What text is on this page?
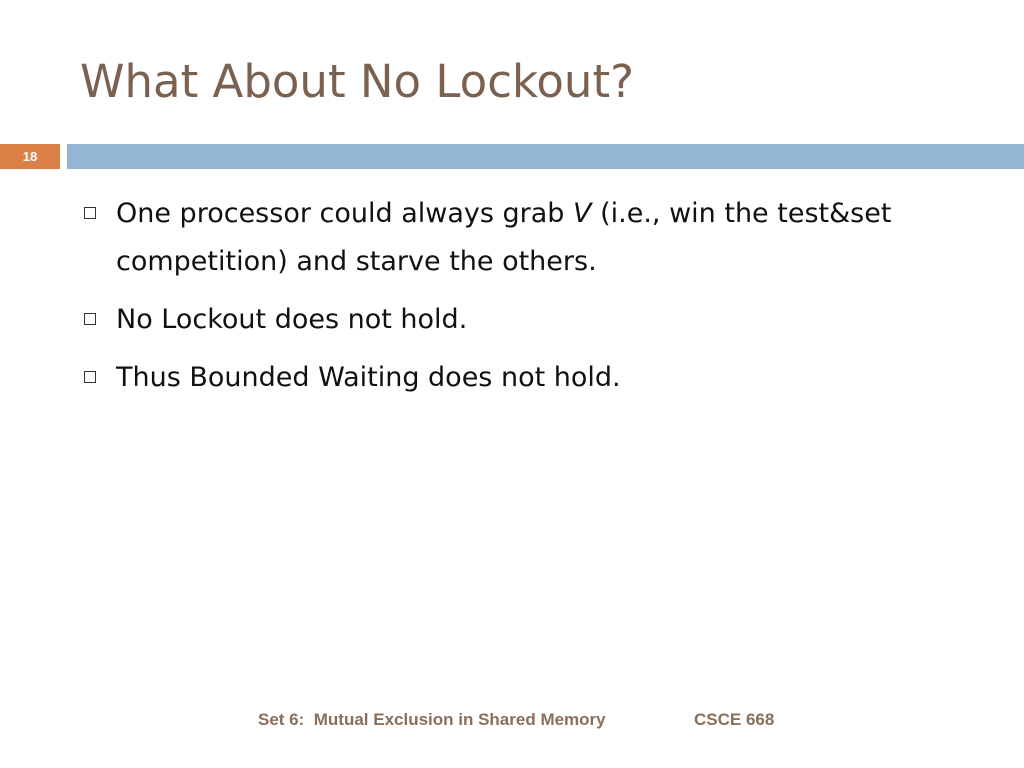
What About No Lockout?
18
One processor could always grab V (i.e., win the test&set competition) and starve the others.
No Lockout does not hold.
Thus Bounded Waiting does not hold.
Set 6:  Mutual Exclusion in Shared Memory	CSCE 668
